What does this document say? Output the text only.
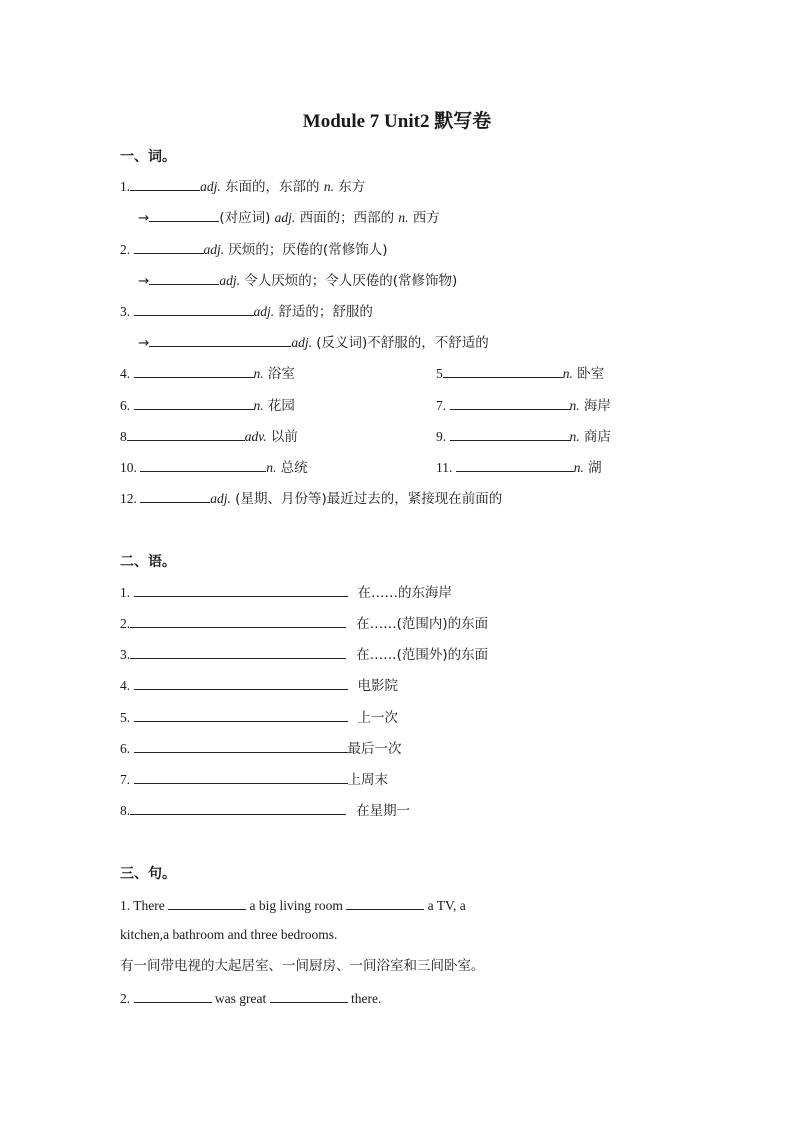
Module 7 Unit2 默写卷
一、词。
1.	adj. 东面的，东部的 n. 东方
→	(对应词) adj. 西面的；西部的 n. 西方
2.	adj. 厌烦的；厌倦的(常修饰人)
→	adj. 令人厌烦的；令人厌倦的(常修饰物)
3.	adj. 舒适的；舒服的
→	adj. (反义词)不舒服的，不舒适的
4.	n. 浴室	5	n. 卧室
6.	n. 花园	7.	n. 海岸
8	adv. 以前	9.	n. 商店
10.	n. 总统	11.	n. 湖
12.	adj. (星期、月份等)最近过去的，紧接现在前面的
二、语。
1.	在……的东海岸
2.	在……(范围内)的东面
3.	在……(范围外)的东面
4.	电影院
5.	上一次
6.	最后一次
7.	上周末
8.	在星期一
三、句。
1. There	a big living room	a TV, a
kitchen,a bathroom and three bedrooms.
有一间带电视的大起居室、一间厨房、一间浴室和三间卧室。
2.	was great	there.
